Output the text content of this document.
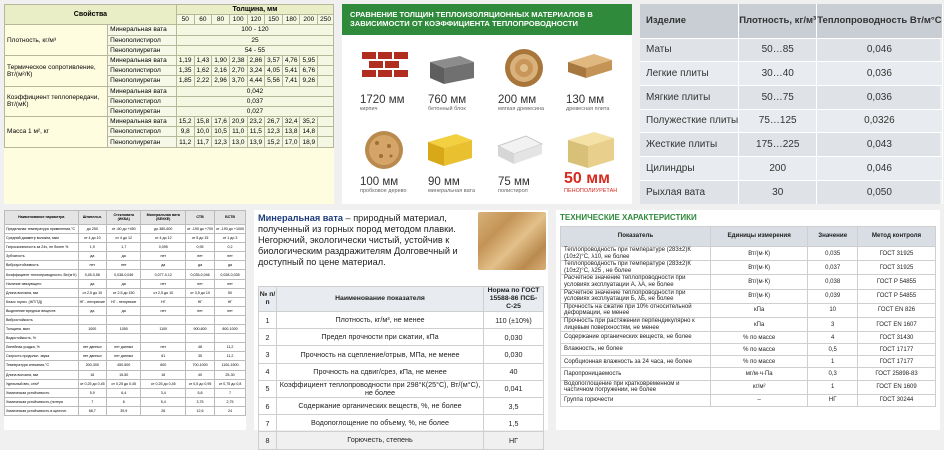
Свойства		Толщина, мм								
		50	60	80	100	120	150	180	200	250
Плотность, кг/м³	Минеральная вата	100 - 120								
	Пенополистирол	25								
	Пенополиуретан	54 - 55								
Термическое сопротивление, Вт/(м²/К)	Минеральная вата	1,19	1,43	1,90	2,38	2,86	3,57	4,76	5,95	
	Пенополистирол	1,35	1,62	2,16	2,70	3,24	4,05	5,41	6,76	
	Пенополиуретан	1,85	2,22	2,96	3,70	4,44	5,56	7,41	9,26	
Коэффициент теплопередачи, Вт/(мК)	Минеральная вата	0,042								
	Пенополистирол	0,037								
	Пенополиуретан	0,027								
Масса 1 м², кг	Минеральная вата	15,2	15,8	17,6	20,9	23,2	26,7	32,4	35,2	
	Пенополистирол	9,8	10,0	10,5	11,0	11,5	12,3	13,8	14,8	
	Пенополиуретан	11,2	11,7	12,3	13,0	13,9	15,2	17,0	18,9	
СРАВНЕНИЕ ТОЛЩИН ТЕПЛОИЗОЛЯЦИОННЫХ МАТЕРИАЛОВ В ЗАВИСИМОСТИ ОТ КОЭФФИЦИЕНТА ТЕПЛОПРОВОДНОСТИ
1720 мм
кирпич
760 мм
бетонный блок
200 мм
мягкая древесина
130 мм
древесная плита
100 мм
пробковое дерево
90 мм
минеральная вата
75 мм
полистирол
50 мм
ПЕНОПОЛИУРЕТАН
Изделие	Плотность, кг/м³	Теплопроводность Вт/м°С
Маты	50…85	0,046
Легкие плиты	30…40	0,036
Мягкие плиты	50…75	0,036
Полужесткие плиты	75…125	0,0326
Жесткие плиты	175…225	0,043
Цилиндры	200	0,046
Рыхлая вата	30	0,050
Наименование параметра	Штапельн.	Стекловата (ИКБА)	Минеральная вата (БЕККЕ)	СТВ	БСТВ
Предельная температура применения,°С	до 250	от -60 до +450	до 380-600	от -190 до +700	от -190 до +1000
Средний диаметр волокна, мкм	от 4 до 10	от 4 до 12	от 4 до 12	от 5 до 15	от 1 до 3
Гигроскопичность за 24ч, не более %	1,9	1,7	0,095	0,95	0,2
Зубчатость	да	да	нет	нет	нет
Виброустойчивость	нет	нет	да	да	да
Коэффициент теплопроводности, Вт/(м·К)	0,45-0,56	0,038-0,046	0,077-0,12	0,035-0,046	0,028-0,035
Наличие связующего	да	да	нет	нет	нет
Длина волокна, мм	от 2,5 до 10	от 2,5 до 150	от 2,5 до 10	от 3,5 до 10	50
Класс горюч. (ЖТ/ТД)	НГ - негорючие	НГ - негорючие	НГ	НГ	НГ
Выделение вредных веществ	да	да	нет	нет	нет
Вибростойкость					
Толщина, ммч	1000	1050	1100	900-600	800-1000
Водостойкость, %					
Линейная усадка, %	нет данных	нет данных	нет	48	11,2
Скорость продольн. звука	нет данных	нет данных	61	35	11,2
Температура спекания,°С	200-300	450-500	600	700-1000	1100-1500
Длина волокна, мм	16	15-50	16	40	25-30
Удельный вес, кг/м³	от 0,25 до 0,45	от 0,25 до 0,45	от 0,25 до 0,45	от 0,5 до 0,95	от 0,75 до 0,8
Химическая устойчивость	5,9	6,4	3,4	5,8	7
Химическая устойчивость (потеря	7	6	5,4	3,75	2,75
Химическая устойчивость в щелочн.	68,7	39,9	26	12,6	24
Минеральная вата – природный материал, полученный из горных пород методом плавки. Негорючий, экологически чистый, устойчив к биологическим раздражителям Долговечный и доступный по цене материал.
№ п/п	Наименование показателя	Норма по ГОСТ 15588-86 ПСБ-С-25
1	Плотность, кг/м³, не менее	110 (±10%)
2	Предел прочности при сжатии, кПа	0,030
3	Прочность на сцепление/отрыв, МПа, не менее	0,030
4	Прочность на сдвиг/срез, кПа, не менее	40
5	Коэффициент теплопроводности при 298°К(25°С), Вт/(м°С), не более	0,041
6	Содержание органических веществ, %, не более	3,5
7	Водопоглощение по объему, %, не более	1,5
8	Горючесть, степень	НГ
ТЕХНИЧЕСКИЕ ХАРАКТЕРИСТИКИ
Показатель	Единицы измерения	Значение	Метод контроля
Теплопроводность при температуре (283±2)К (10±2)°С, λ10, не более	Вт/(м·К)	0,035	ГОСТ 31925
Теплопроводность при температуре (283±2)К (10±2)°С, λ25 , не более	Вт/(м·К)	0,037	ГОСТ 31925
Расчетное значение теплопроводности при условиях эксплуатации А, λА, не более	Вт/(м·К)	0,038	ГОСТ Р 54855
Расчетное значение теплопроводности при условиях эксплуатации Б, λБ, не более	Вт/(м·К)	0,039	ГОСТ Р 54855
Прочность на сжатие при 10% относительной деформации, не менее	кПа	10	ГОСТ EN 826
Прочность при растяжении перпендикулярно к лицевым поверхностям, не менее	кПа	3	ГОСТ EN 1607
Содержание органических веществ, не более	% по массе	4	ГОСТ 31430
Влажность, не более	% по массе	0,5	ГОСТ 17177
Сорбционная влажность за 24 часа, не более	% по массе	1	ГОСТ 17177
Паропроницаемость	мг/м·ч·Па	0,3	ГОСТ 25898-83
Водопоглощение при кратковременном и частичном погружении, не более	кг/м²	1	ГОСТ EN 1609
Группа горючести	–	НГ	ГОСТ 30244
